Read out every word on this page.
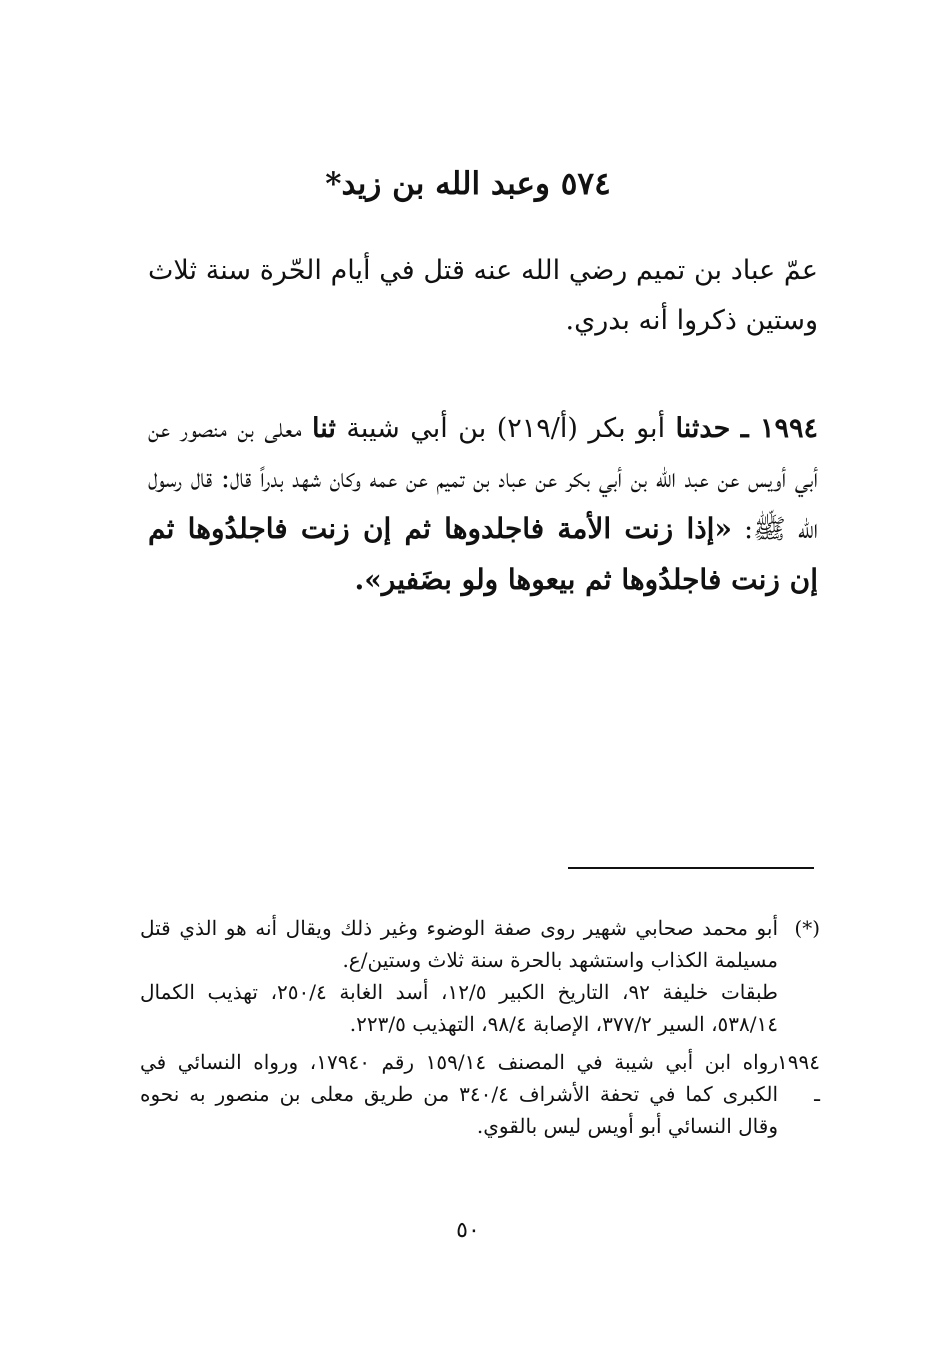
٥٧٤ وعبد الله بن زيد*

عمّ عباد بن تميم رضي الله عنه قتل في أيام الحّرة سنة ثلاث وستين ذكروا أنه بدري.

١٩٩٤ ـ حدثنا أبو بكر (أ/٢١٩) بن أبي شيبة ثنا معلى بن منصور عن أبي أويس عن عبد الله بن أبي بكر عن عباد بن تميم عن عمه وكان شهد بدراً قال: قال رسول الله ﷺ: «إذا زنت الأمة فاجلدوها ثم إن زنت فاجلدُوها ثم إن زنت فاجلدُوها ثم بيعوها ولو بضَفير».

(*)
أبو محمد صحابي شهير روى صفة الوضوء وغير ذلك ويقال أنه هو الذي قتل مسيلمة الكذاب واستشهد بالحرة سنة ثلاث وستين/ع.
طبقات خليفة ٩٢، التاريخ الكبير ١٢/٥، أسد الغابة ٢٥٠/٤، تهذيب الكمال ٥٣٨/١٤، السير ٣٧٧/٢، الإصابة ٩٨/٤، التهذيب ٢٢٣/٥.
١٩٩٤ ـ
رواه ابن أبي شيبة في المصنف ١٥٩/١٤ رقم ١٧٩٤٠، ورواه النسائي في الكبرى كما في تحفة الأشراف ٣٤٠/٤ من طريق معلى بن منصور به نحوه وقال النسائي أبو أويس ليس بالقوي.
٥٠
